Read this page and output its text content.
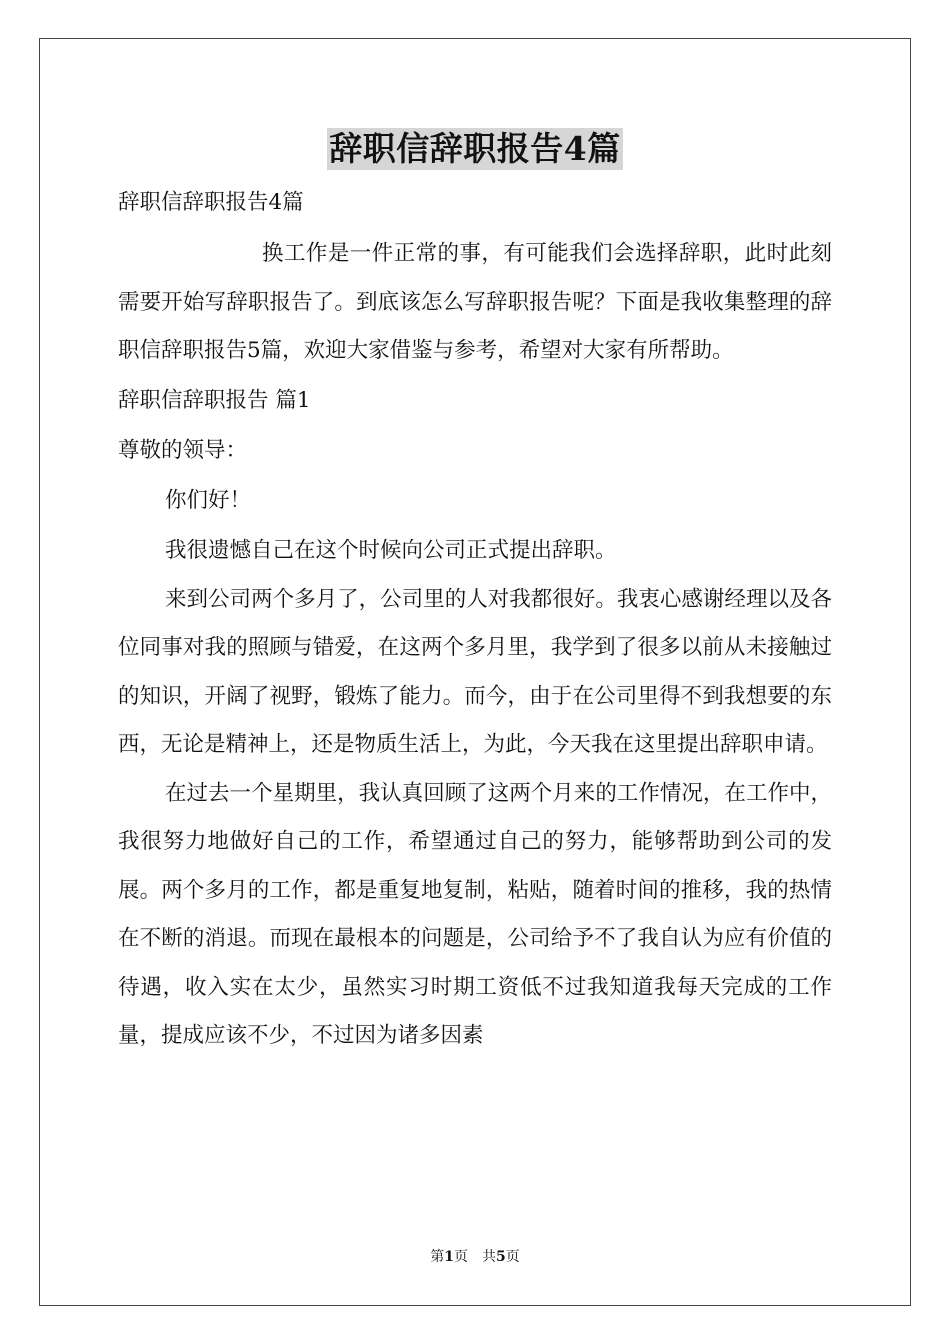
辞职信辞职报告4篇
辞职信辞职报告4篇
换工作是一件正常的事，有可能我们会选择辞职，此时此刻需要开始写辞职报告了。到底该怎么写辞职报告呢？下面是我收集整理的辞职信辞职报告5篇，欢迎大家借鉴与参考，希望对大家有所帮助。
辞职信辞职报告 篇1
尊敬的领导：
你们好！
我很遗憾自己在这个时候向公司正式提出辞职。
来到公司两个多月了，公司里的人对我都很好。我衷心感谢经理以及各位同事对我的照顾与错爱，在这两个多月里，我学到了很多以前从未接触过的知识，开阔了视野，锻炼了能力。而今，由于在公司里得不到我想要的东西，无论是精神上，还是物质生活上，为此，今天我在这里提出辞职申请。
在过去一个星期里，我认真回顾了这两个月来的工作情况，在工作中，我很努力地做好自己的工作，希望通过自己的努力，能够帮助到公司的发展。两个多月的工作，都是重复地复制，粘贴，随着时间的推移，我的热情在不断的消退。而现在最根本的问题是，公司给予不了我自认为应有价值的待遇，收入实在太少，虽然实习时期工资低不过我知道我每天完成的工作量，提成应该不少，不过因为诸多因素
第1页　共5页
